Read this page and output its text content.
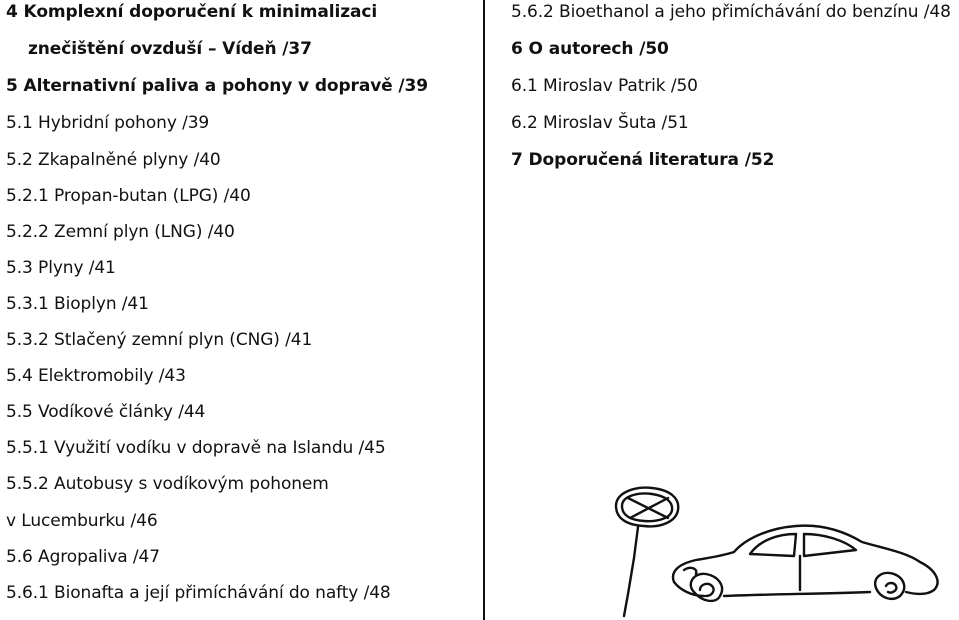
4 Komplexní doporučení k minimalizaci
znečištění ovzduší – Vídeň /37
5 Alternativní paliva a pohony v dopravě /39
5.1 Hybridní pohony /39
5.2 Zkapalněné plyny /40
5.2.1 Propan-butan (LPG) /40
5.2.2 Zemní plyn (LNG) /40
5.3 Plyny /41
5.3.1 Bioplyn /41
5.3.2 Stlačený zemní plyn (CNG) /41
5.4 Elektromobily /43
5.5 Vodíkové články /44
5.5.1 Využití vodíku v dopravě na Islandu /45
5.5.2 Autobusy s vodíkovým pohonem
v Lucemburku /46
5.6 Agropaliva /47
5.6.1 Bionafta a její přimíchávání do nafty /48
5.6.2 Bioethanol a jeho přimíchávání do benzínu /48
6 O autorech /50
6.1 Miroslav Patrik /50
6.2 Miroslav Šuta /51
7 Doporučená literatura /52
